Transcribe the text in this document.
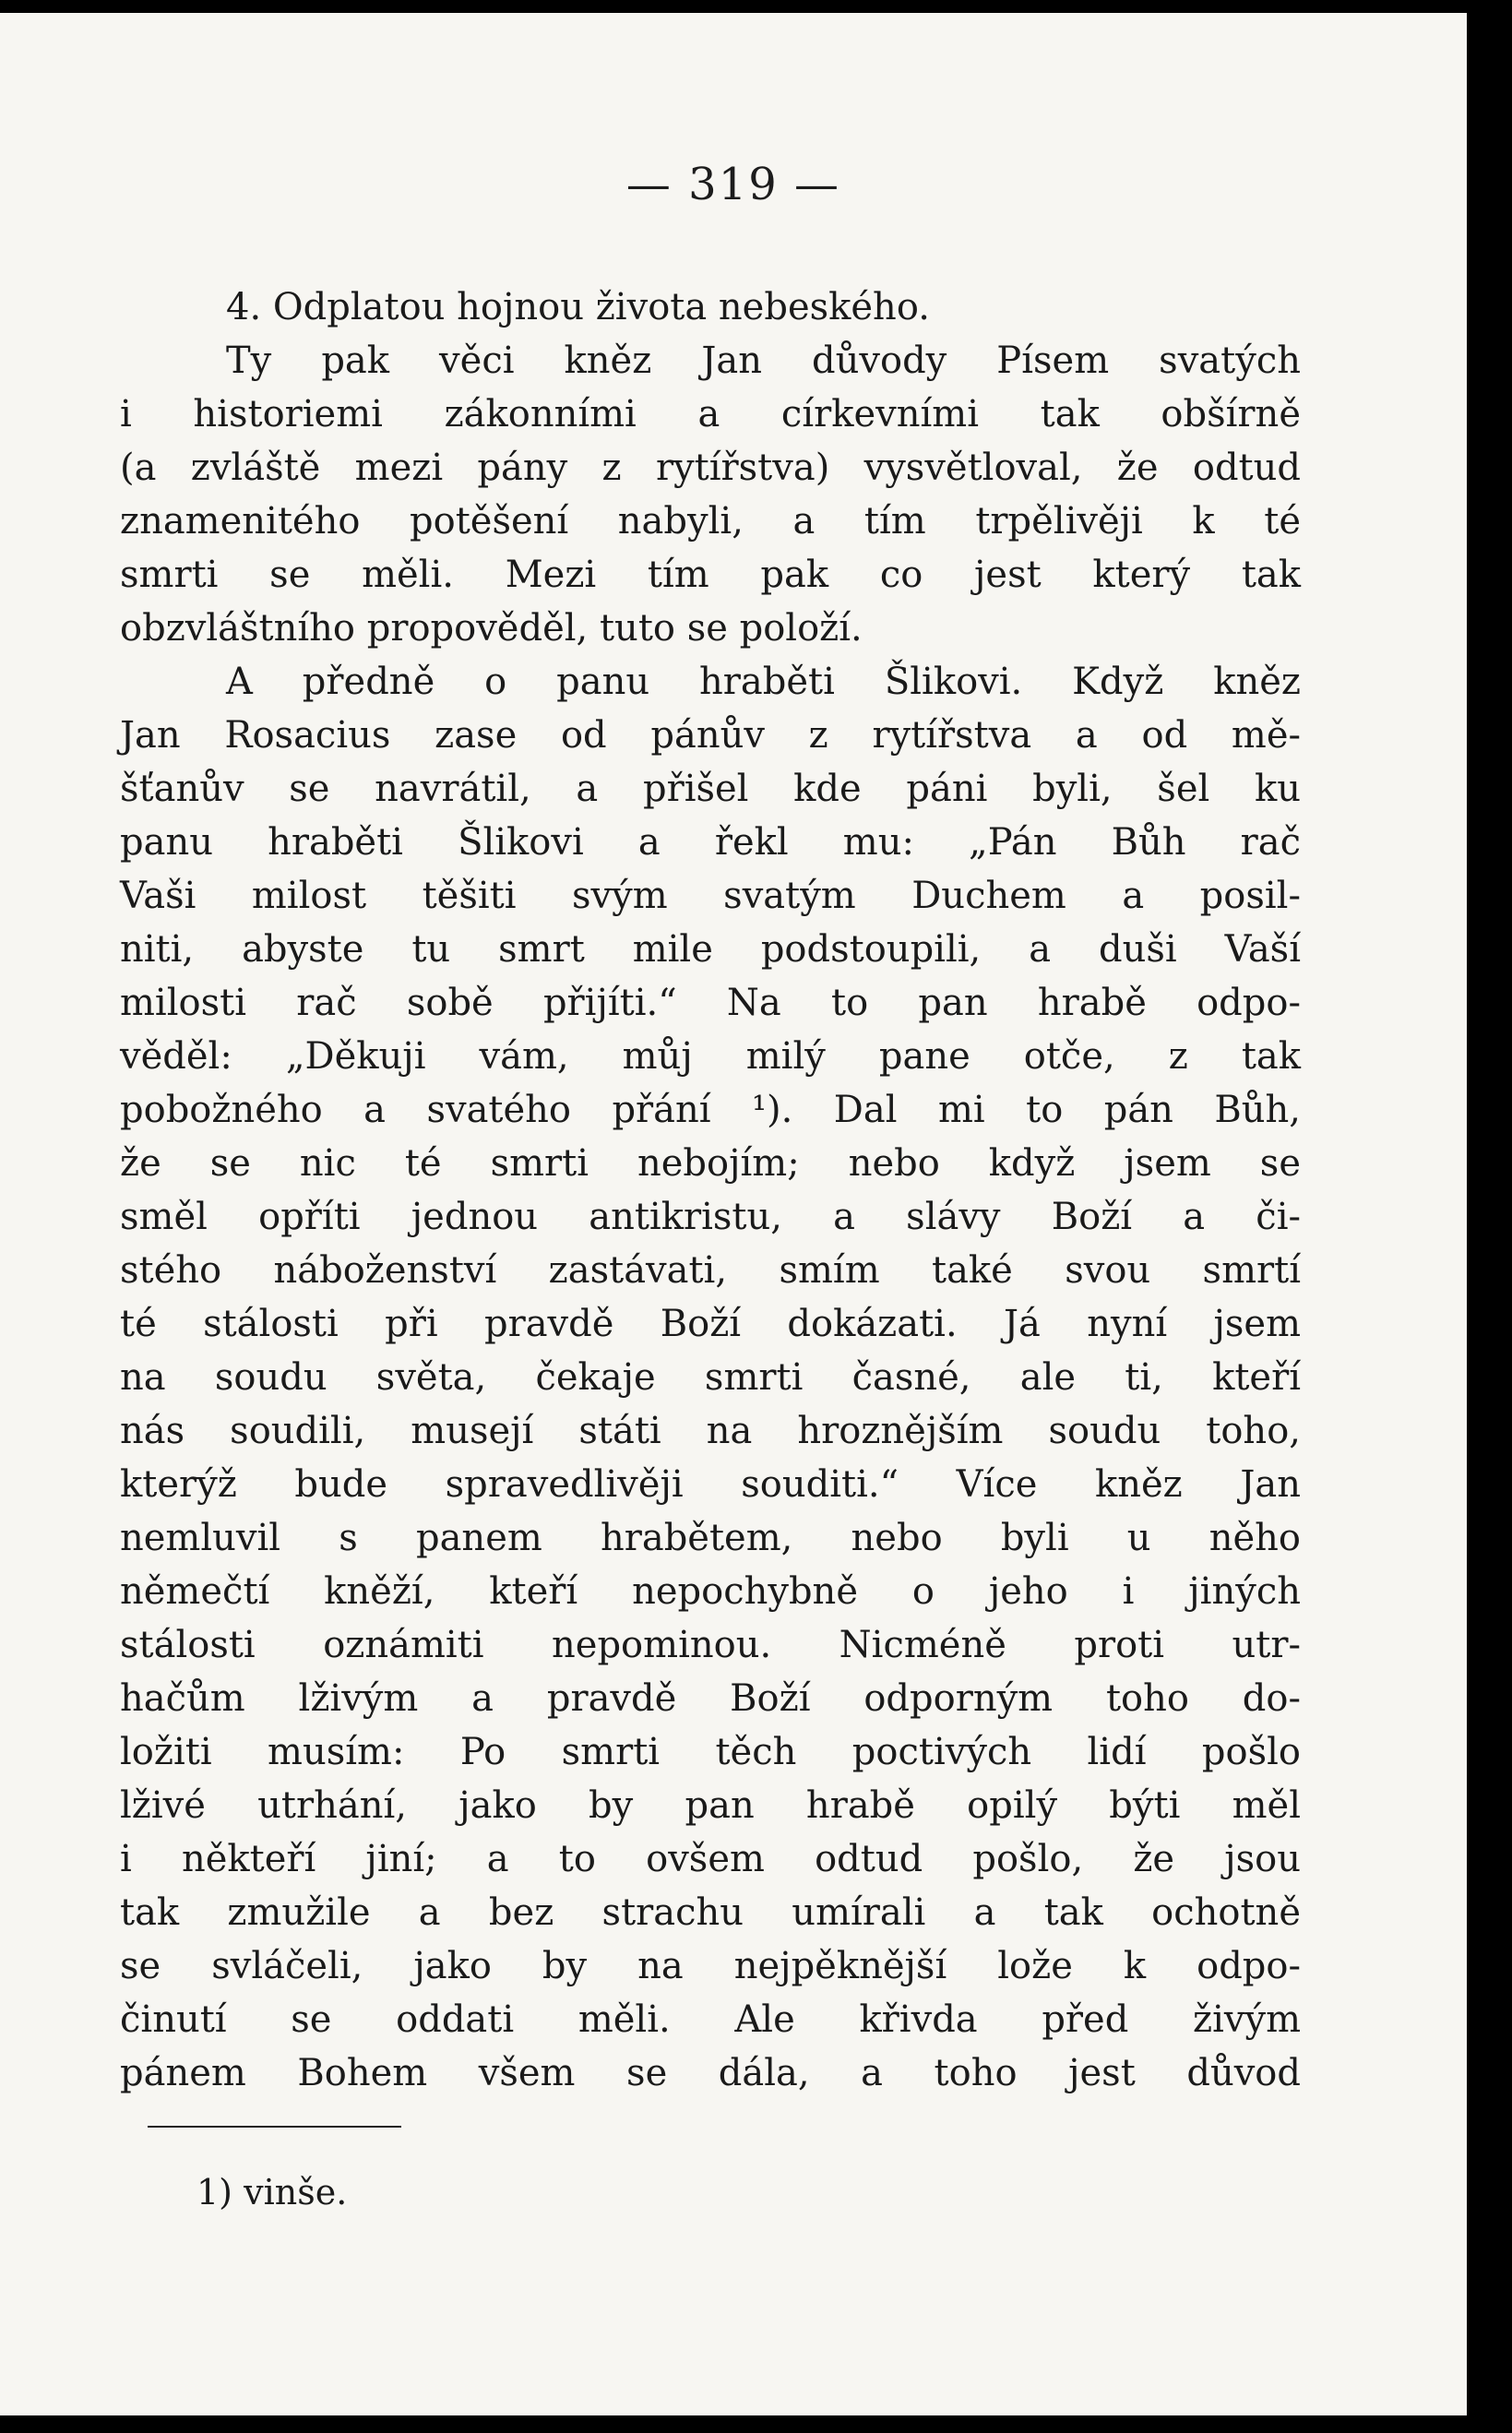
— 319 —
4. Odplatou hojnou života nebeského.
Ty pak věci kněz Jan důvody Písem svatých
i historiemi zákonními a církevními tak obšírně
(a zvláště mezi pány z rytířstva) vysvětloval, že odtud
znamenitého potěšení nabyli, a tím trpělivěji k té
smrti se měli. Mezi tím pak co jest který tak
obzvláštního propověděl, tuto se položí.
A předně o panu hraběti Šlikovi. Když kněz
Jan Rosacius zase od pánův z rytířstva a od mě-
šťanův se navrátil, a přišel kde páni byli, šel ku
panu hraběti Šlikovi a řekl mu: „Pán Bůh rač
Vaši milost těšiti svým svatým Duchem a posil-
niti, abyste tu smrt mile podstoupili, a duši Vaší
milosti rač sobě přijíti.“ Na to pan hrabě odpo-
věděl: „Děkuji vám, můj milý pane otče, z tak
pobožného a svatého přání ¹). Dal mi to pán Bůh,
že se nic té smrti nebojím; nebo když jsem se
směl opříti jednou antikristu, a slávy Boží a či-
stého náboženství zastávati, smím také svou smrtí
té stálosti při pravdě Boží dokázati. Já nyní jsem
na soudu světa, čekaje smrti časné, ale ti, kteří
nás soudili, musejí státi na hroznějším soudu toho,
kterýž bude spravedlivěji souditi.“ Více kněz Jan
nemluvil s panem hrabětem, nebo byli u něho
němečtí kněží, kteří nepochybně o jeho i jiných
stálosti oznámiti nepominou. Nicméně proti utr-
hačům lživým a pravdě Boží odporným toho do-
ložiti musím: Po smrti těch poctivých lidí pošlo
lživé utrhání, jako by pan hrabě opilý býti měl
i někteří jiní; a to ovšem odtud pošlo, že jsou
tak zmužile a bez strachu umírali a tak ochotně
se svláčeli, jako by na nejpěknější lože k odpo-
činutí se oddati měli. Ale křivda před živým
pánem Bohem všem se dála, a toho jest důvod
1) vinše.
